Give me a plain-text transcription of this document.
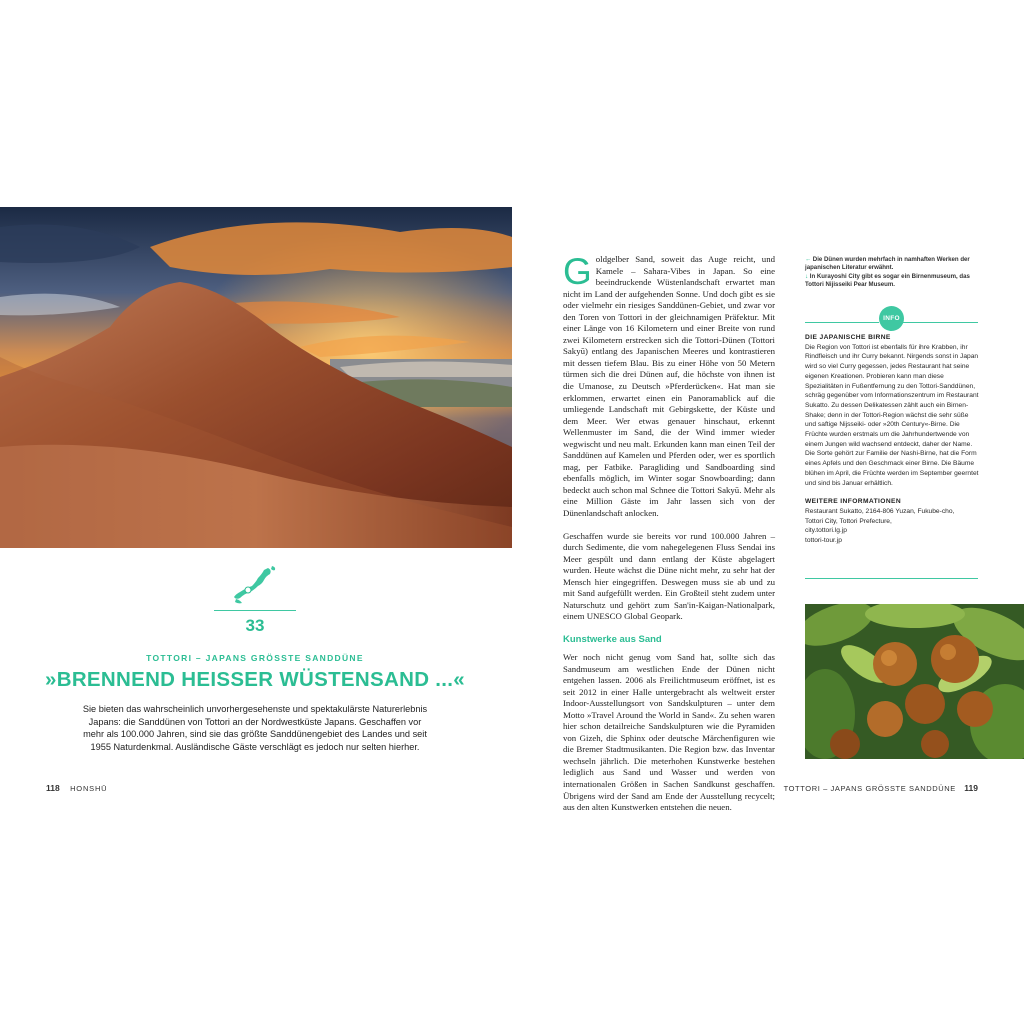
33
TOTTORI – JAPANS GRÖSSTE SANDDÜNE
»BRENNEND HEISSER WÜSTENSAND ...«
Sie bieten das wahrscheinlich unvorhergesehenste und spektakulärste Naturerlebnis Japans: die Sanddünen von Tottori an der Nordwestküste Japans. Geschaffen vor mehr als 100.000 Jahren, sind sie das größte Sanddünengebiet des Landes und seit 1955 Naturdenkmal. Ausländische Gäste verschlägt es jedoch nur selten hierher.
118 HONSHŪ

Goldgelber Sand, soweit das Auge reicht, und Kamele – Sahara-Vibes in Japan. So eine beeindruckende Wüstenlandschaft erwartet man nicht im Land der aufgehenden Sonne. Und doch gibt es sie oder vielmehr ein riesiges Sanddünen-Gebiet, und zwar vor den Toren von Tottori in der gleichnamigen Präfektur. Mit einer Länge von 16 Kilometern und einer Breite von rund zwei Kilometern erstrecken sich die Tottori-Dünen (Tottori Sakyū) entlang des Japanischen Meeres und kontrastieren mit dessen tiefem Blau. Bis zu einer Höhe von 50 Metern türmen sich die drei Dünen auf, die höchste von ihnen ist die Umanose, zu Deutsch »Pferderücken«. Hat man sie erklommen, erwartet einen ein Panoramablick auf die umliegende Landschaft mit Gebirgskette, der Küste und dem Meer. Wer etwas genauer hinschaut, erkennt Wellenmuster im Sand, die der Wind immer wieder wegwischt und neu malt. Erkunden kann man einen Teil der Sanddünen auf Kamelen und Pferden oder, wer es sportlich mag, per Fatbike. Paragliding und Sandboarding sind ebenfalls möglich, im Winter sogar Snowboarding; dann bedeckt auch schon mal Schnee die Tottori Sakyū. Mehr als eine Million Gäste im Jahr lassen sich von der Dünenlandschaft anlocken.

Geschaffen wurde sie bereits vor rund 100.000 Jahren – durch Sedimente, die vom nahegelegenen Fluss Sendai ins Meer gespült und dann entlang der Küste abgelagert wurden. Heute wächst die Düne nicht mehr, zu sehr hat der Mensch hier eingegriffen. Deswegen muss sie ab und zu mit Sand aufgefüllt werden. Ein Großteil steht zudem unter Naturschutz und gehört zum San'in-Kaigan-Nationalpark, einem UNESCO Global Geopark.

Kunstwerke aus Sand

Wer noch nicht genug vom Sand hat, sollte sich das Sandmuseum am westlichen Ende der Dünen nicht entgehen lassen. 2006 als Freilichtmuseum eröffnet, ist es seit 2012 in einer Halle untergebracht als weltweit erster Indoor-Ausstellungsort von Sandskulpturen – unter dem Motto »Travel Around the World in Sand«. Zu sehen waren hier schon detailreiche Sandskulpturen wie die Pyramiden von Gizeh, die Sphinx oder deutsche Märchenfiguren wie die Bremer Stadtmusikanten. Die Region bzw. das Inventar wechseln jährlich. Die meterhohen Kunstwerke bestehen lediglich aus Sand und Wasser und werden von internationalen Größen in Sachen Sandkunst geschaffen. Übrigens wird der Sand am Ende der Ausstellung recycelt; aus den alten Kunstwerken entstehen die neuen.

← Die Dünen wurden mehrfach in namhaften Werken der japanischen Literatur erwähnt.
↓ In Kurayoshi City gibt es sogar ein Birnenmuseum, das Tottori Nijisseiki Pear Museum.
INFO

DIE JAPANISCHE BIRNE

Die Region von Tottori ist ebenfalls für ihre Krabben, ihr Rindfleisch und ihr Curry bekannt. Nirgends sonst in Japan wird so viel Curry gegessen, jedes Restaurant hat seine eigenen Kreationen. Probieren kann man diese Spezialitäten in Fußentfernung zu den Tottori-Sanddünen, schräg gegenüber vom Informationszentrum im Restaurant Sukatto. Zu dessen Delikatessen zählt auch ein Birnen-Shake; denn in der Tottori-Region wächst die sehr süße und saftige Nijsseiki- oder »20th Century«-Birne. Die Früchte wurden erstmals um die Jahrhundertwende von einem Jungen wild wachsend entdeckt, daher der Name. Die Sorte gehört zur Familie der Nashi-Birne, hat die Form eines Apfels und den Geschmack einer Birne. Die Bäume blühen im April, die Früchte werden im September geerntet und sind bis Januar erhältlich.

WEITERE INFORMATIONEN

Restaurant Sukatto, 2164-806 Yuzan, Fukube-cho,

Tottori City, Tottori Prefecture,

city.tottori.lg.jp

tottori-tour.jp

TOTTORI – JAPANS GRÖSSTE SANDDÜNE 119
